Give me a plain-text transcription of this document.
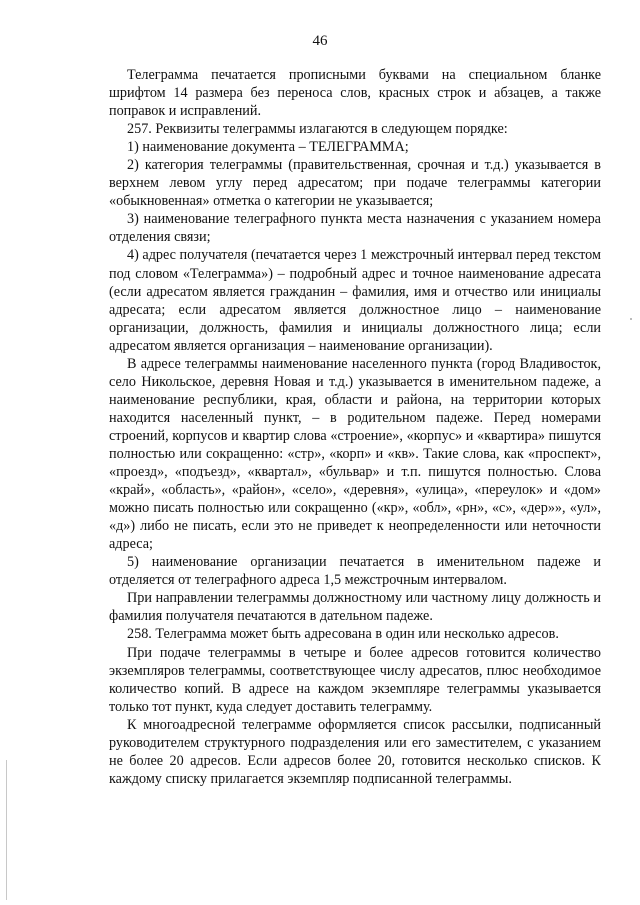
46

Телеграмма печатается прописными буквами на специальном бланке шрифтом 14 размера без переноса слов, красных строк и абзацев, а также поправок и исправлений.

257. Реквизиты телеграммы излагаются в следующем порядке:

1) наименование документа – ТЕЛЕГРАММА;

2) категория телеграммы (правительственная, срочная и т.д.) указывается в верхнем левом углу перед адресатом; при подаче телеграммы категории «обыкновенная» отметка о категории не указывается;

3) наименование телеграфного пункта места назначения с указанием номера отделения связи;

4) адрес получателя (печатается через 1 межстрочный интервал перед текстом под словом «Телеграмма») – подробный адрес и точное наименование адресата (если адресатом является гражданин – фамилия, имя и отчество или инициалы адресата; если адресатом является должностное лицо – наименование организации, должность, фамилия и инициалы должностного лица; если адресатом является организация – наименование организации).

В адресе телеграммы наименование населенного пункта (город Владивосток, село Никольское, деревня Новая и т.д.) указывается в именительном падеже, а наименование республики, края, области и района, на территории которых находится населенный пункт, – в родительном падеже. Перед номерами строений, корпусов и квартир слова «строение», «корпус» и «квартира» пишутся полностью или сокращенно: «стр», «корп» и «кв». Такие слова, как «проспект», «проезд», «подъезд», «квартал», «бульвар» и т.п. пишутся полностью. Слова «край», «область», «район», «село», «деревня», «улица», «переулок» и «дом» можно писать полностью или сокращенно («кр», «обл», «рн», «с», «дер»», «ул», «д») либо не писать, если это не приведет к неопределенности или неточности адреса;

5) наименование организации печатается в именительном падеже и отделяется от телеграфного адреса 1,5 межстрочным интервалом.

При направлении телеграммы должностному или частному лицу должность и фамилия получателя печатаются в дательном падеже.

258. Телеграмма может быть адресована в один или несколько адресов.

При подаче телеграммы в четыре и более адресов готовится количество экземпляров телеграммы, соответствующее числу адресатов, плюс необходимое количество копий. В адресе на каждом экземпляре телеграммы указывается только тот пункт, куда следует доставить телеграмму.

К многоадресной телеграмме оформляется список рассылки, подписанный руководителем структурного подразделения или его заместителем, с указанием не более 20 адресов. Если адресов более 20, готовится несколько списков. К каждому списку прилагается экземпляр подписанной телеграммы.
